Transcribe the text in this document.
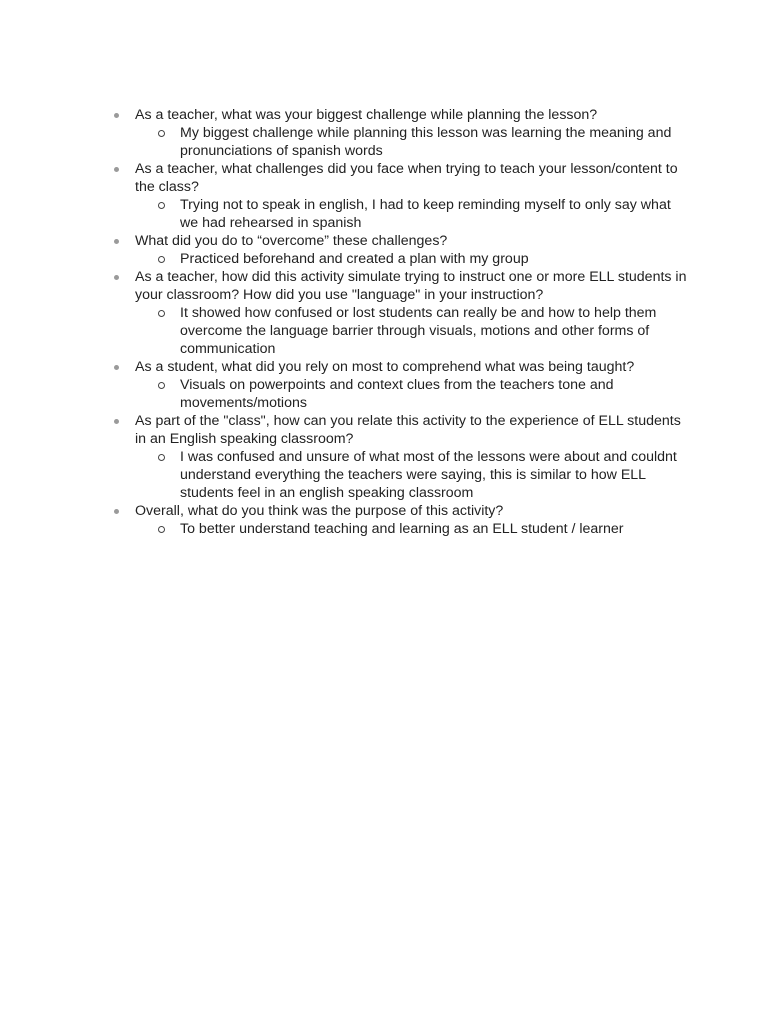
As a teacher, what was your biggest challenge while planning the lesson?
My biggest challenge while planning this lesson was learning the meaning and pronunciations of spanish words
As a teacher, what challenges did you face when trying to teach your lesson/content to the class?
Trying not to speak in english, I had to keep reminding myself to only say what we had rehearsed in spanish
What did you do to “overcome” these challenges?
Practiced beforehand and created a plan with my group
As a teacher, how did this activity simulate trying to instruct one or more ELL students in your classroom? How did you use "language" in your instruction?
It showed how confused or lost students can really be and how to help them overcome the language barrier through visuals, motions and other forms of communication
As a student, what did you rely on most to comprehend what was being taught?
Visuals on powerpoints and context clues from the teachers tone and movements/motions
As part of the "class", how can you relate this activity to the experience of ELL students in an English speaking classroom?
I was confused and unsure of what most of the lessons were about and couldnt understand everything the teachers were saying, this is similar to how ELL students feel in an english speaking classroom
Overall, what do you think was the purpose of this activity?
To better understand teaching and learning as an ELL student / learner
